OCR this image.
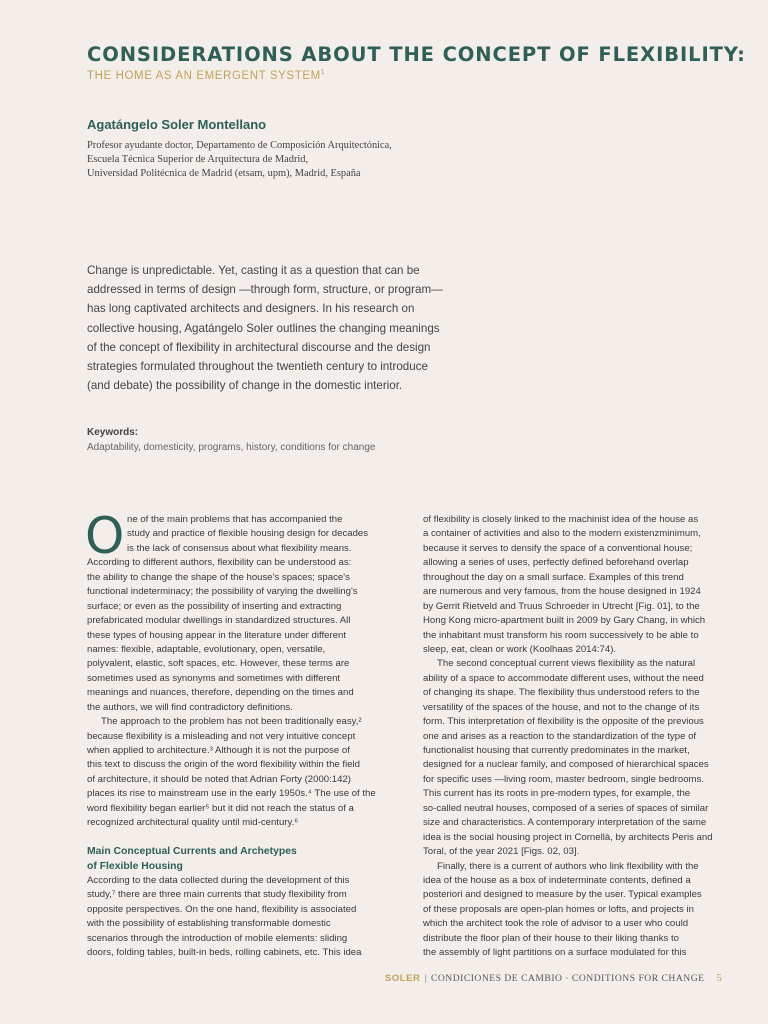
CONSIDERATIONS ABOUT THE CONCEPT OF FLEXIBILITY:
THE HOME AS AN EMERGENT SYSTEM$^1$
Agatángelo Soler Montellano
Profesor ayudante doctor, Departamento de Composición Arquitectónica,
Escuela Técnica Superior de Arquitectura de Madrid,
Universidad Politécnica de Madrid (etsam, upm), Madrid, España
Change is unpredictable. Yet, casting it as a question that can be
addressed in terms of design —through form, structure, or program—
has long captivated architects and designers. In his research on
collective housing, Agatángelo Soler outlines the changing meanings
of the concept of flexibility in architectural discourse and the design
strategies formulated throughout the twentieth century to introduce
(and debate) the possibility of change in the domestic interior.
Keywords:
Adaptability, domesticity, programs, history, conditions for change
O ne of the main problems that has accompanied the
study and practice of flexible housing design for decades
is the lack of consensus about what flexibility means.
According to different authors, flexibility can be understood as:
the ability to change the shape of the house's spaces; space's
functional indeterminacy; the possibility of varying the dwelling's
surface; or even as the possibility of inserting and extracting
prefabricated modular dwellings in standardized structures. All
these types of housing appear in the literature under different
names: flexible, adaptable, evolutionary, open, versatile,
polyvalent, elastic, soft spaces, etc. However, these terms are
sometimes used as synonyms and sometimes with different
meanings and nuances, therefore, depending on the times and
the authors, we will find contradictory definitions.
The approach to the problem has not been traditionally easy,²
because flexibility is a misleading and not very intuitive concept
when applied to architecture.³ Although it is not the purpose of
this text to discuss the origin of the word flexibility within the field
of architecture, it should be noted that Adrian Forty (2000:142)
places its rise to mainstream use in the early 1950s.⁴ The use of the
word flexibility began earlier⁵ but it did not reach the status of a
recognized architectural quality until mid-century.⁶
Main Conceptual Currents and Archetypes
of Flexible Housing
According to the data collected during the development of this
study,⁷ there are three main currents that study flexibility from
opposite perspectives. On the one hand, flexibility is associated
with the possibility of establishing transformable domestic
scenarios through the introduction of mobile elements: sliding
doors, folding tables, built-in beds, rolling cabinets, etc. This idea
of flexibility is closely linked to the machinist idea of the house as
a container of activities and also to the modern existenzminimum,
because it serves to densify the space of a conventional house;
allowing a series of uses, perfectly defined beforehand overlap
throughout the day on a small surface. Examples of this trend
are numerous and very famous, from the house designed in 1924
by Gerrit Rietveld and Truus Schroeder in Utrecht [Fig. 01], to the
Hong Kong micro-apartment built in 2009 by Gary Chang, in which
the inhabitant must transform his room successively to be able to
sleep, eat, clean or work (Koolhaas 2014:74).
The second conceptual current views flexibility as the natural
ability of a space to accommodate different uses, without the need
of changing its shape. The flexibility thus understood refers to the
versatility of the spaces of the house, and not to the change of its
form. This interpretation of flexibility is the opposite of the previous
one and arises as a reaction to the standardization of the type of
functionalist housing that currently predominates in the market,
designed for a nuclear family, and composed of hierarchical spaces
for specific uses —living room, master bedroom, single bedrooms.
This current has its roots in pre-modern types, for example, the
so-called neutral houses, composed of a series of spaces of similar
size and characteristics. A contemporary interpretation of the same
idea is the social housing project in Cornellà, by architects Peris and
Toral, of the year 2021 [Figs. 02, 03].
Finally, there is a current of authors who link flexibility with the
idea of the house as a box of indeterminate contents, defined a
posteriori and designed to measure by the user. Typical examples
of these proposals are open-plan homes or lofts, and projects in
which the architect took the role of advisor to a user who could
distribute the floor plan of their house to their liking thanks to
the assembly of light partitions on a surface modulated for this
SOLER | CONDICIONES DE CAMBIO · CONDITIONS FOR CHANGE 5
